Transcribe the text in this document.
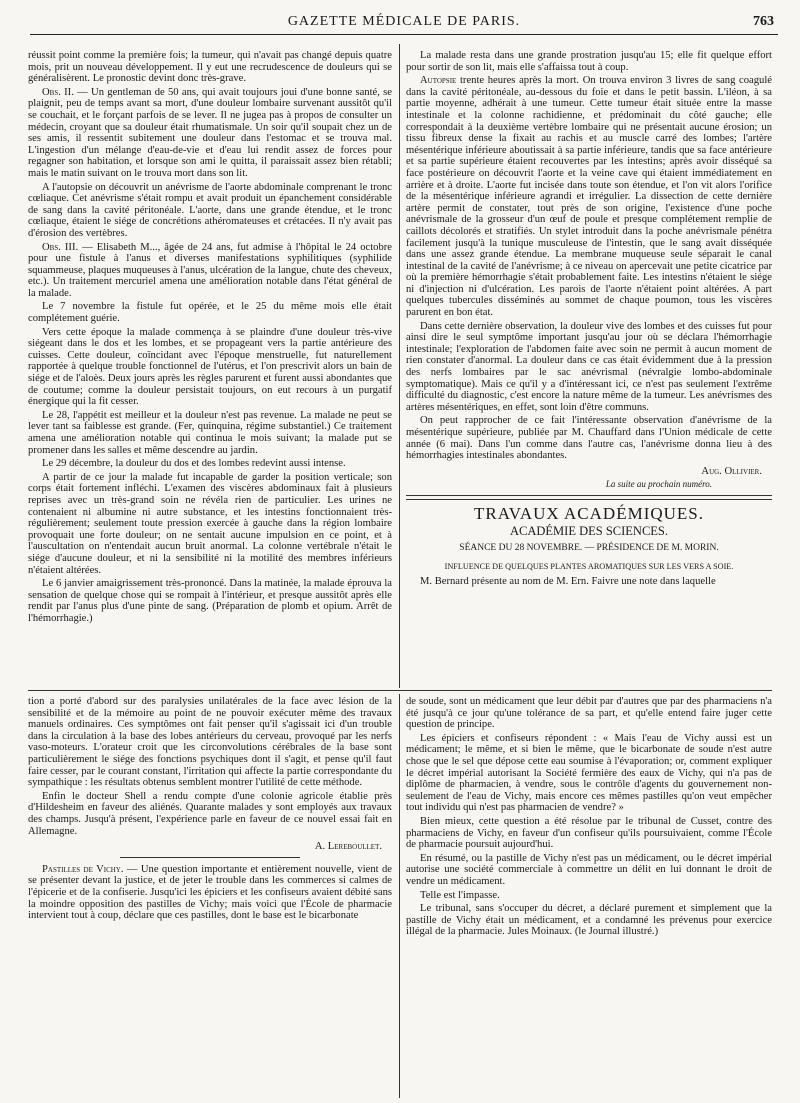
GAZETTE MÉDICALE DE PARIS.	763

réussit point comme la première fois; la tumeur, qui n'avait pas changé depuis quatre mois, prit un nouveau développement. Il y eut une recrudescence de douleurs qui se généralisèrent. Le pronostic devint donc très-grave.

Obs. II. — Un gentleman de 50 ans, qui avait toujours joui d'une bonne santé, se plaignit, peu de temps avant sa mort, d'une douleur lombaire survenant aussitôt qu'il se couchait, et le forçant parfois de se lever. Il ne jugea pas à propos de consulter un médecin, croyant que sa douleur était rhumatismale. Un soir qu'il soupait chez un de ses amis, il ressentit subitement une douleur dans l'estomac et se trouva mal. L'ingestion d'un mélange d'eau-de-vie et d'eau lui rendit assez de forces pour regagner son habitation, et lorsque son ami le quitta, il paraissait assez bien rétabli; mais le matin suivant on le trouva mort dans son lit.

A l'autopsie on découvrit un anévrisme de l'aorte abdominale comprenant le tronc cœliaque. Cet anévrisme s'était rompu et avait produit un épanchement considérable de sang dans la cavité péritonéale. L'aorte, dans une grande étendue, et le tronc cœliaque, étaient le siége de concrétions athéromateuses et crétacées. Il n'y avait pas d'érosion des vertèbres.

Obs. III. — Elisabeth M..., âgée de 24 ans, fut admise à l'hôpital le 24 octobre pour une fistule à l'anus et diverses manifestations syphilitiques (syphilide squammeuse, plaques muqueuses à l'anus, ulcération de la langue, chute des cheveux, etc.). Un traitement mercuriel amena une amélioration notable dans l'état général de la malade.

Le 7 novembre la fistule fut opérée, et le 25 du même mois elle était complétement guérie.

Vers cette époque la malade commença à se plaindre d'une douleur très-vive siégeant dans le dos et les lombes, et se propageant vers la partie antérieure des cuisses. Cette douleur, coïncidant avec l'époque menstruelle, fut naturellement rapportée à quelque trouble fonctionnel de l'utérus, et l'on prescrivit alors un bain de siége et de l'aloès. Deux jours après les règles parurent et furent aussi abondantes que de coutume; comme la douleur persistait toujours, on eut recours à un purgatif énergique qui la fit cesser.

Le 28, l'appétit est meilleur et la douleur n'est pas revenue. La malade ne peut se lever tant sa faiblesse est grande. (Fer, quinquina, régime substantiel.) Ce traitement amena une amélioration notable qui continua le mois suivant; la malade put se promener dans les salles et même descendre au jardin.

Le 29 décembre, la douleur du dos et des lombes redevint aussi intense.

A partir de ce jour la malade fut incapable de garder la position verticale; son corps était fortement infléchi. L'examen des viscères abdominaux fait à plusieurs reprises avec un très-grand soin ne révéla rien de particulier. Les urines ne contenaient ni albumine ni autre substance, et les intestins fonctionnaient très-régulièrement; seulement toute pression exercée à gauche dans la région lombaire provoquait une forte douleur; on ne sentait aucune impulsion en ce point, et à l'auscultation on n'entendait aucun bruit anormal. La colonne vertébrale n'était le siége d'aucune douleur, et ni la sensibilité ni la motilité des membres inférieurs n'étaient altérées.

Le 6 janvier amaigrissement très-prononcé. Dans la matinée, la malade éprouva la sensation de quelque chose qui se rompait à l'intérieur, et presque aussitôt après elle rendit par l'anus plus d'une pinte de sang. (Préparation de plomb et opium. Arrêt de l'hémorrhagie.)

La malade resta dans une grande prostration jusqu'au 15; elle fit quelque effort pour sortir de son lit, mais elle s'affaissa tout à coup.

Autopsie trente heures après la mort. On trouva environ 3 livres de sang coagulé dans la cavité péritonéale, au-dessous du foie et dans le petit bassin. L'iléon, à sa partie moyenne, adhérait à une tumeur. Cette tumeur était située entre la masse intestinale et la colonne rachidienne, et prédominait du côté gauche; elle correspondait à la deuxième vertèbre lombaire qui ne présentait aucune érosion; un tissu fibreux dense la fixait au rachis et au muscle carré des lombes; l'artère mésentérique inférieure aboutissait à sa partie inférieure, tandis que sa face antérieure et sa partie supérieure étaient recouvertes par les intestins; après avoir disséqué sa face postérieure on découvrit l'aorte et la veine cave qui étaient immédiatement en arrière et à droite. L'aorte fut incisée dans toute son étendue, et l'on vit alors l'orifice de la mésentérique inférieure agrandi et irrégulier. La dissection de cette dernière artère permit de constater, tout près de son origine, l'existence d'une poche anévrismale de la grosseur d'un œuf de poule et presque complétement remplie de caillots décolorés et stratifiés. Un stylet introduit dans la poche anévrismale pénétra facilement jusqu'à la tunique musculeuse de l'intestin, que le sang avait disséquée dans une assez grande étendue. La membrane muqueuse seule séparait le canal intestinal de la cavité de l'anévrisme; à ce niveau on apercevait une petite cicatrice par où la première hémorrhagie s'était probablement faite. Les intestins n'étaient le siége ni d'injection ni d'ulcération. Les parois de l'aorte n'étaient point altérées. A part quelques tubercules disséminés au sommet de chaque poumon, tous les viscères parurent en bon état.

Dans cette dernière observation, la douleur vive des lombes et des cuisses fut pour ainsi dire le seul symptôme important jusqu'au jour où se déclara l'hémorrhagie intestinale; l'exploration de l'abdomen faite avec soin ne permit à aucun moment de rien constater d'anormal. La douleur dans ce cas était évidemment due à la pression des nerfs lombaires par le sac anévrismal (névralgie lombo-abdominale symptomatique). Mais ce qu'il y a d'intéressant ici, ce n'est pas seulement l'extrême difficulté du diagnostic, c'est encore la nature même de la tumeur. Les anévrismes des artères mésentériques, en effet, sont loin d'être communs.

On peut rapprocher de ce fait l'intéressante observation d'anévrisme de la mésentérique supérieure, publiée par M. Chauffard dans l'Union médicale de cette année (6 mai). Dans l'un comme dans l'autre cas, l'anévrisme donna lieu à des hémorrhagies intestinales abondantes.

Aug. Ollivier.
La suite au prochain numéro.
TRAVAUX ACADÉMIQUES.
ACADÉMIE DES SCIENCES.
SÉANCE DU 28 NOVEMBRE. — PRÉSIDENCE DE M. MORIN.
INFLUENCE DE QUELQUES PLANTES AROMATIQUES SUR LES VERS A SOIE.

M. Bernard présente au nom de M. Ern. Faivre une note dans laquelle

tion a porté d'abord sur des paralysies unilatérales de la face avec lésion de la sensibilité et de la mémoire au point de ne pouvoir exécuter même des travaux manuels ordinaires. Ces symptômes ont fait penser qu'il s'agissait ici d'un trouble dans la circulation à la base des lobes antérieurs du cerveau, provoqué par les nerfs vaso-moteurs. L'orateur croit que les circonvolutions cérébrales de la base sont particulièrement le siége des fonctions psychiques dont il s'agit, et pense qu'il faut faire cesser, par le courant constant, l'irritation qui affecte la partie correspondante du sympathique : les résultats obtenus semblent montrer l'utilité de cette méthode.

Enfin le docteur Shell a rendu compte d'une colonie agricole établie près d'Hildesheim en faveur des aliénés. Quarante malades y sont employés aux travaux des champs. Jusqu'à présent, l'expérience parle en faveur de ce nouvel essai fait en Allemagne.

A. Lereboullet.

Pastilles de Vichy. — Une question importante et entièrement nouvelle, vient de se présenter devant la justice, et de jeter le trouble dans les commerces si calmes de l'épicerie et de la confiserie. Jusqu'ici les épiciers et les confiseurs avaient débité sans la moindre opposition des pastilles de Vichy; mais voici que l'École de pharmacie intervient tout à coup, déclare que ces pastilles, dont le base est le bicarbonate

de soude, sont un médicament que leur débit par d'autres que par des pharmaciens n'a été jusqu'à ce jour qu'une tolérance de sa part, et qu'elle entend faire juger cette question de principe.

Les épiciers et confiseurs répondent : « Mais l'eau de Vichy aussi est un médicament; le même, et si bien le même, que le bicarbonate de soude n'est autre chose que le sel que dépose cette eau soumise à l'évaporation; or, comment expliquer le décret impérial autorisant la Société fermière des eaux de Vichy, qui n'a pas de diplôme de pharmacien, à vendre, sous le contrôle d'agents du gouvernement non-seulement de l'eau de Vichy, mais encore ces mêmes pastilles qu'on veut empêcher tout individu qui n'est pas pharmacien de vendre? »

Bien mieux, cette question a été résolue par le tribunal de Cusset, contre des pharmaciens de Vichy, en faveur d'un confiseur qu'ils poursuivaient, comme l'École de pharmacie poursuit aujourd'hui.

En résumé, ou la pastille de Vichy n'est pas un médicament, ou le décret impérial autorise une société commerciale à commettre un délit en lui donnant le droit de vendre un médicament.

Telle est l'impasse.

Le tribunal, sans s'occuper du décret, a déclaré purement et simplement que la pastille de Vichy était un médicament, et a condamné les prévenus pour exercice illégal de la pharmacie. Jules Moinaux. (le Journal illustré.)
